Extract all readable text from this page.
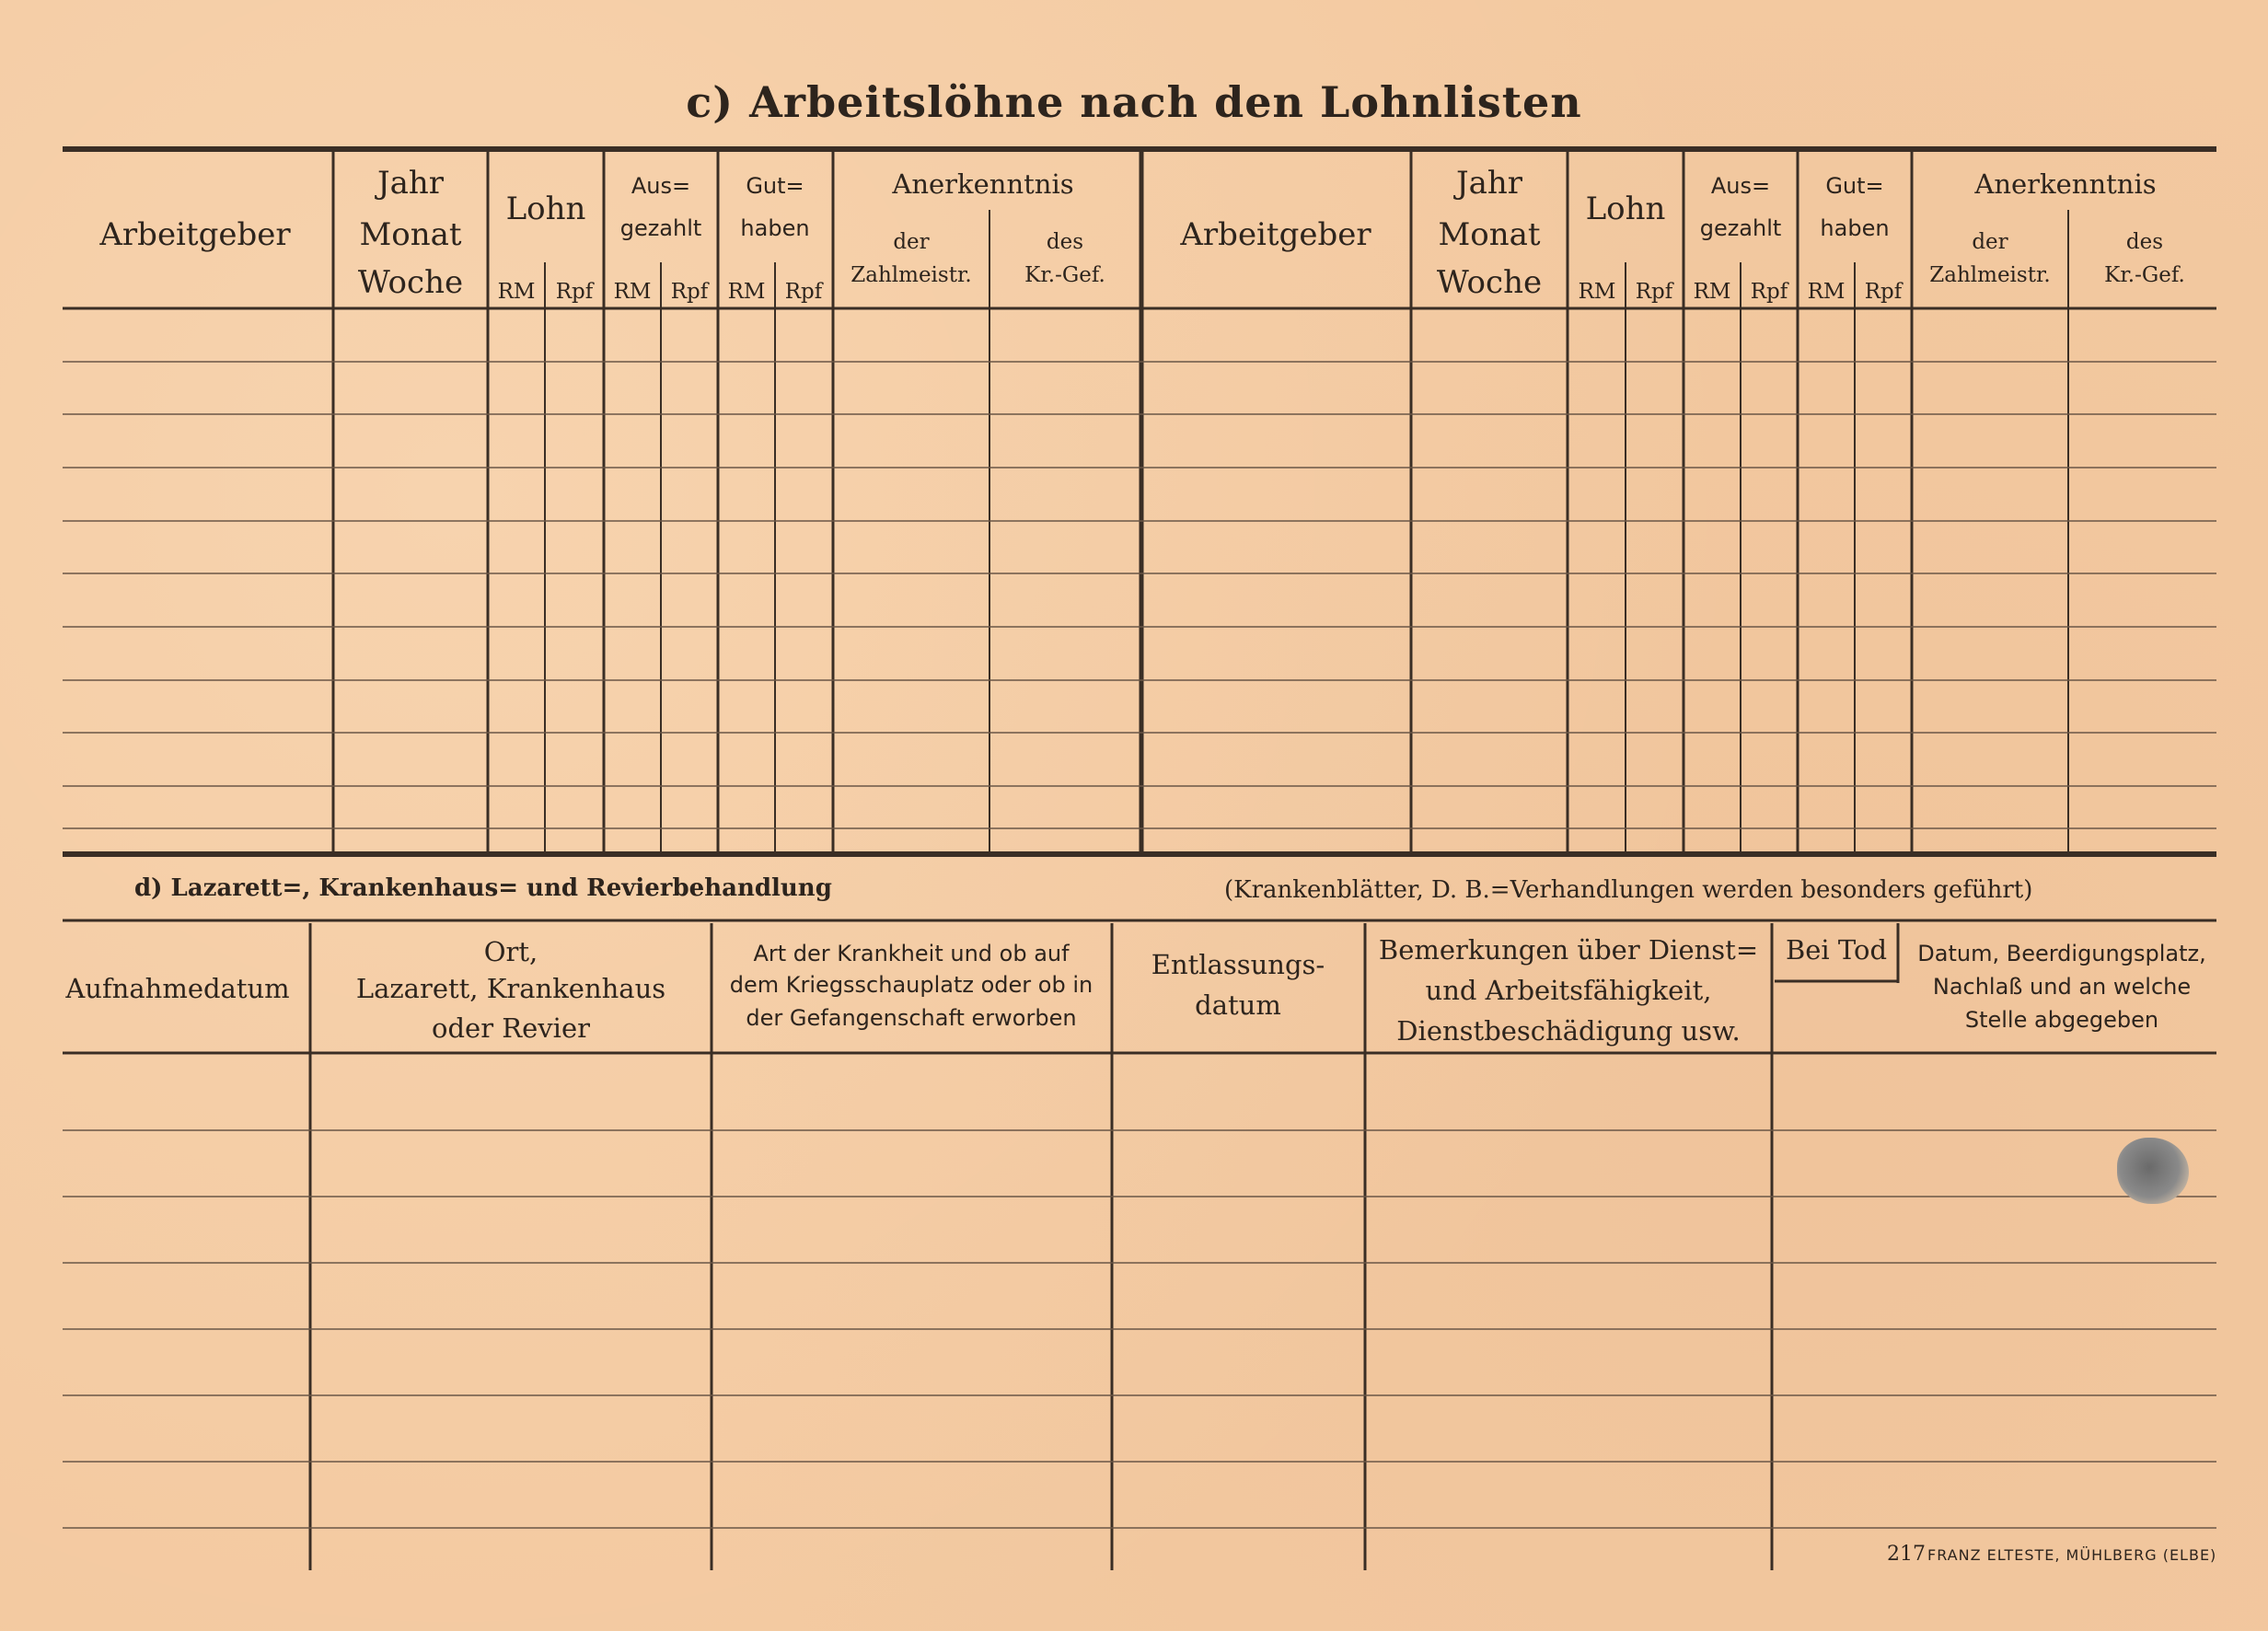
c) Arbeitslöhne nach den Lohnlisten
Arbeitgeber
Jahr
Monat
Woche
Lohn
Aus=
gezahlt
Gut=
haben
Anerkenntnis
der
Zahlmeistr.
des
Kr.-Gef.
RM Rpf RM Rpf RM Rpf
Arbeitgeber
Jahr
Monat
Woche
Lohn
Aus=
gezahlt
Gut=
haben
Anerkenntnis
der
Zahlmeistr.
des
Kr.-Gef.
RM Rpf RM Rpf RM Rpf
d) Lazarett=, Krankenhaus= und Revierbehandlung	(Krankenblätter, D. B.=Verhandlungen werden besonders geführt)
Aufnahmedatum
Ort,
Lazarett, Krankenhaus
oder Revier
Art der Krankheit und ob auf
dem Kriegsschauplatz oder ob in
der Gefangenschaft erworben
Entlassungs-
datum
Bemerkungen über Dienst=
und Arbeitsfähigkeit,
Dienstbeschädigung usw.
Bei Tod Datum, Beerdigungsplatz,
Nachlaß und an welche
Stelle abgegeben
217 FRANZ ELTESTE, MÜHLBERG (ELBE)
